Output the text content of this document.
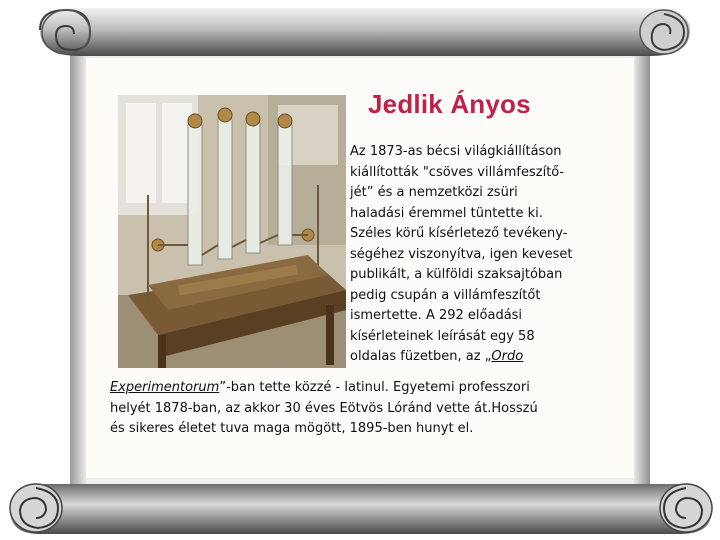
Jedlik Ányos
Az 1873-as bécsi világkiállításon
kiállították "csöves villámfeszítő-
jét” és a nemzetközi zsüri
haladási éremmel tüntette ki.
Széles körű kísérletező tevékeny-
ségéhez viszonyítva, igen keveset
publikált, a külföldi szaksajtóban
pedig csupán a villámfeszítőt
ismertette. A 292 előadási
kísérleteinek leírását egy 58
oldalas füzetben, az „Ordo
Experimentorum”-ban tette közzé - latinul. Egyetemi professzori
helyét 1878-ban, az akkor 30 éves Eötvös Lóránd vette át.Hosszú
és sikeres életet tuva maga mögött, 1895-ben hunyt el.
